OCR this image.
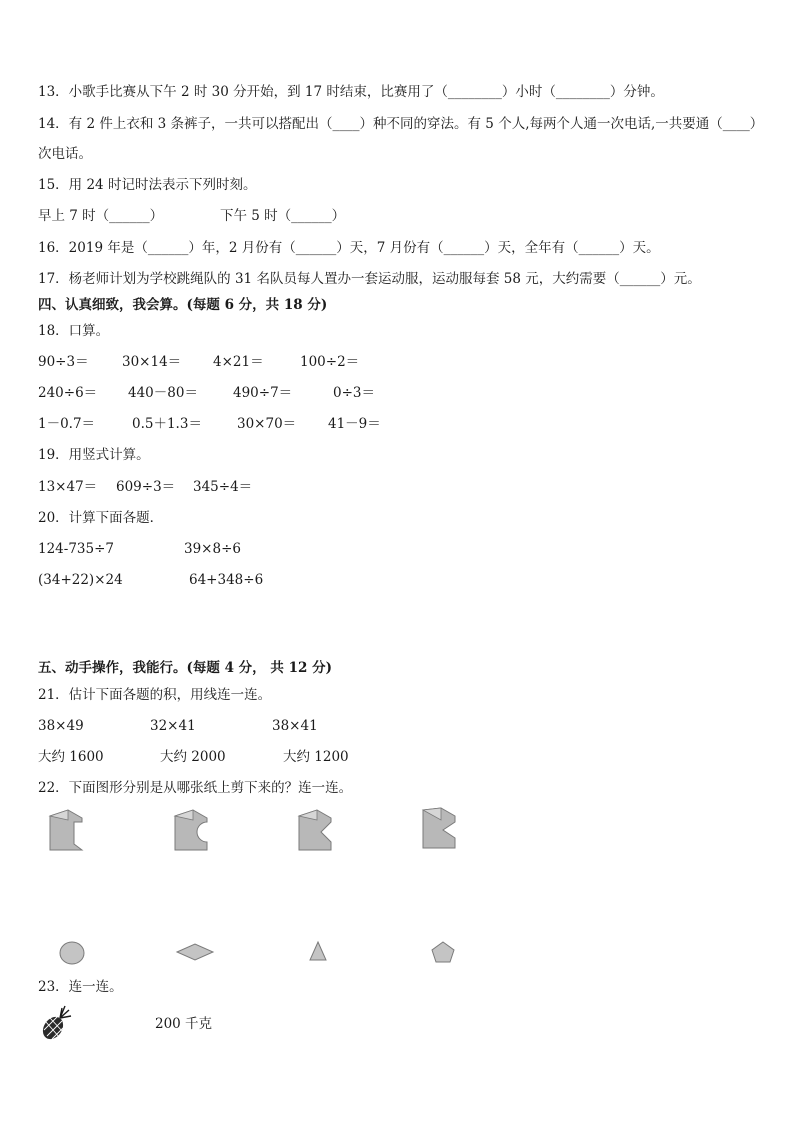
13．小歌手比赛从下午 2 时 30 分开始，到 17 时结束，比赛用了（________）小时（________）分钟。
14．有 2 件上衣和 3 条裤子，一共可以搭配出（____）种不同的穿法。有 5 个人,每两个人通一次电话,一共要通（____）
次电话。
15．用 24 时记时法表示下列时刻。
早上 7 时（______）	下午 5 时（______）
16．2019 年是（______）年，2 月份有（______）天，7 月份有（______）天，全年有（______）天。
17．杨老师计划为学校跳绳队的 31 名队员每人置办一套运动服，运动服每套 58 元，大约需要（______）元。
四、认真细致，我会算。(每题 6 分，共 18 分)
18．口算。
90÷3＝ 30×14＝ 4×21＝	100÷2＝
240÷6＝ 440－80＝	490÷7＝	0÷3＝
1－0.7＝	0.5＋1.3＝	30×70＝ 41－9＝
19．用竖式计算。
13×47＝ 609÷3＝ 345÷4＝
20．计算下面各题．
124-735÷7	39×8÷6
(34+22)×24	64+348÷6
五、动手操作，我能行。(每题 4 分， 共 12 分)
21．估计下面各题的积，用线连一连。
38×49	32×41	38×41
大约 1600	大约 2000	大约 1200
22．下面图形分别是从哪张纸上剪下来的？连一连。
23．连一连。
200 千克
